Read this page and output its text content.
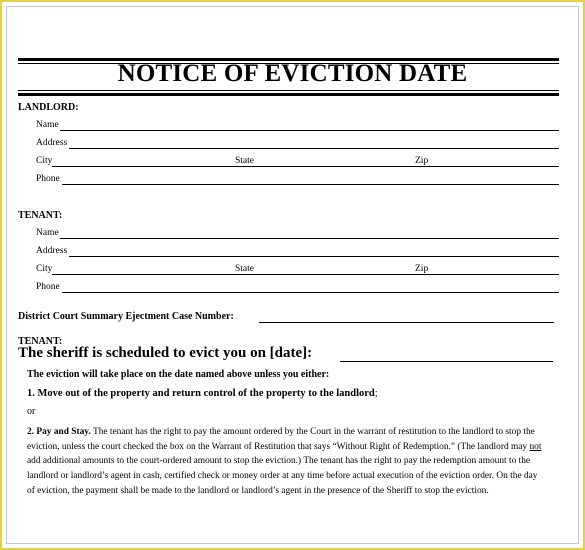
NOTICE OF EVICTION DATE
LANDLORD:
Name
Address
City	State	Zip
Phone
TENANT:
Name
Address
City	State	Zip
Phone
District Court Summary Ejectment Case Number:
TENANT:
The sheriff is scheduled to evict you on [date]:
The eviction will take place on the date named above unless you either:
1. Move out of the property and return control of the property to the landlord;
or
2. Pay and Stay. The tenant has the right to pay the amount ordered by the Court in the warrant of restitution to the landlord to stop the eviction, unless the court checked the box on the Warrant of Restitution that says “Without Right of Redemption.” (The landlord may not add additional amounts to the court-ordered amount to stop the eviction.) The tenant has the right to pay the redemption amount to the landlord or landlord’s agent in cash, certified check or money order at any time before actual execution of the eviction order. On the day of eviction, the payment shall be made to the landlord or landlord’s agent in the presence of the Sheriff to stop the eviction.
